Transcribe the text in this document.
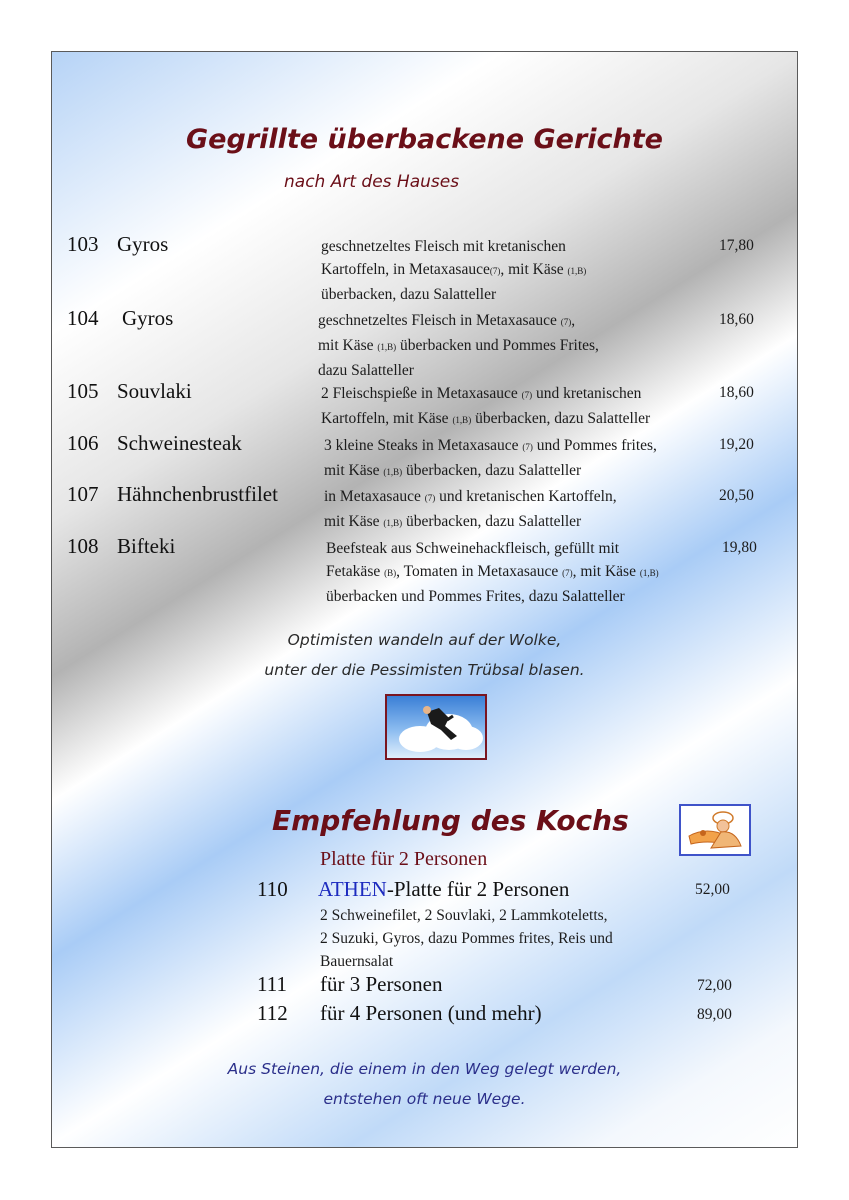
Gegrillte überbackene Gerichte
nach Art des Hauses
103 Gyros	geschnetzeltes Fleisch mit kretanischen
Kartoffeln, in Metaxasauce(7), mit Käse (1,B)
überbacken, dazu Salatteller
17,80
104 Gyros	geschnetzeltes Fleisch in Metaxasauce (7),
mit Käse (1,B) überbacken und Pommes Frites,
dazu Salatteller
18,60
105 Souvlaki	2 Fleischspieße in Metaxasauce (7) und kretanischen
Kartoffeln, mit Käse (1,B) überbacken, dazu Salatteller
18,60
106 Schweinesteak	3 kleine Steaks in Metaxasauce (7) und Pommes frites,
mit Käse (1,B) überbacken, dazu Salatteller
19,20
107 Hähnchenbrustfilet	in Metaxasauce (7) und kretanischen Kartoffeln,
mit Käse (1,B) überbacken, dazu Salatteller
20,50
108 Bifteki	Beefsteak aus Schweinehackfleisch, gefüllt mit
Fetakäse (B), Tomaten in Metaxasauce (7), mit Käse (1,B)
überbacken und Pommes Frites, dazu Salatteller
19,80
Optimisten wandeln auf der Wolke,
unter der die Pessimisten Trübsal blasen.
Empfehlung des Kochs
Platte für 2 Personen
110 ATHEN-Platte für 2 Personen	52,00
2 Schweinefilet, 2 Souvlaki, 2 Lammkoteletts,
2 Suzuki, Gyros, dazu Pommes frites, Reis und
Bauernsalat
111 für 3 Personen	72,00
112 für 4 Personen (und mehr)	89,00
Aus Steinen, die einem in den Weg gelegt werden,
entstehen oft neue Wege.
